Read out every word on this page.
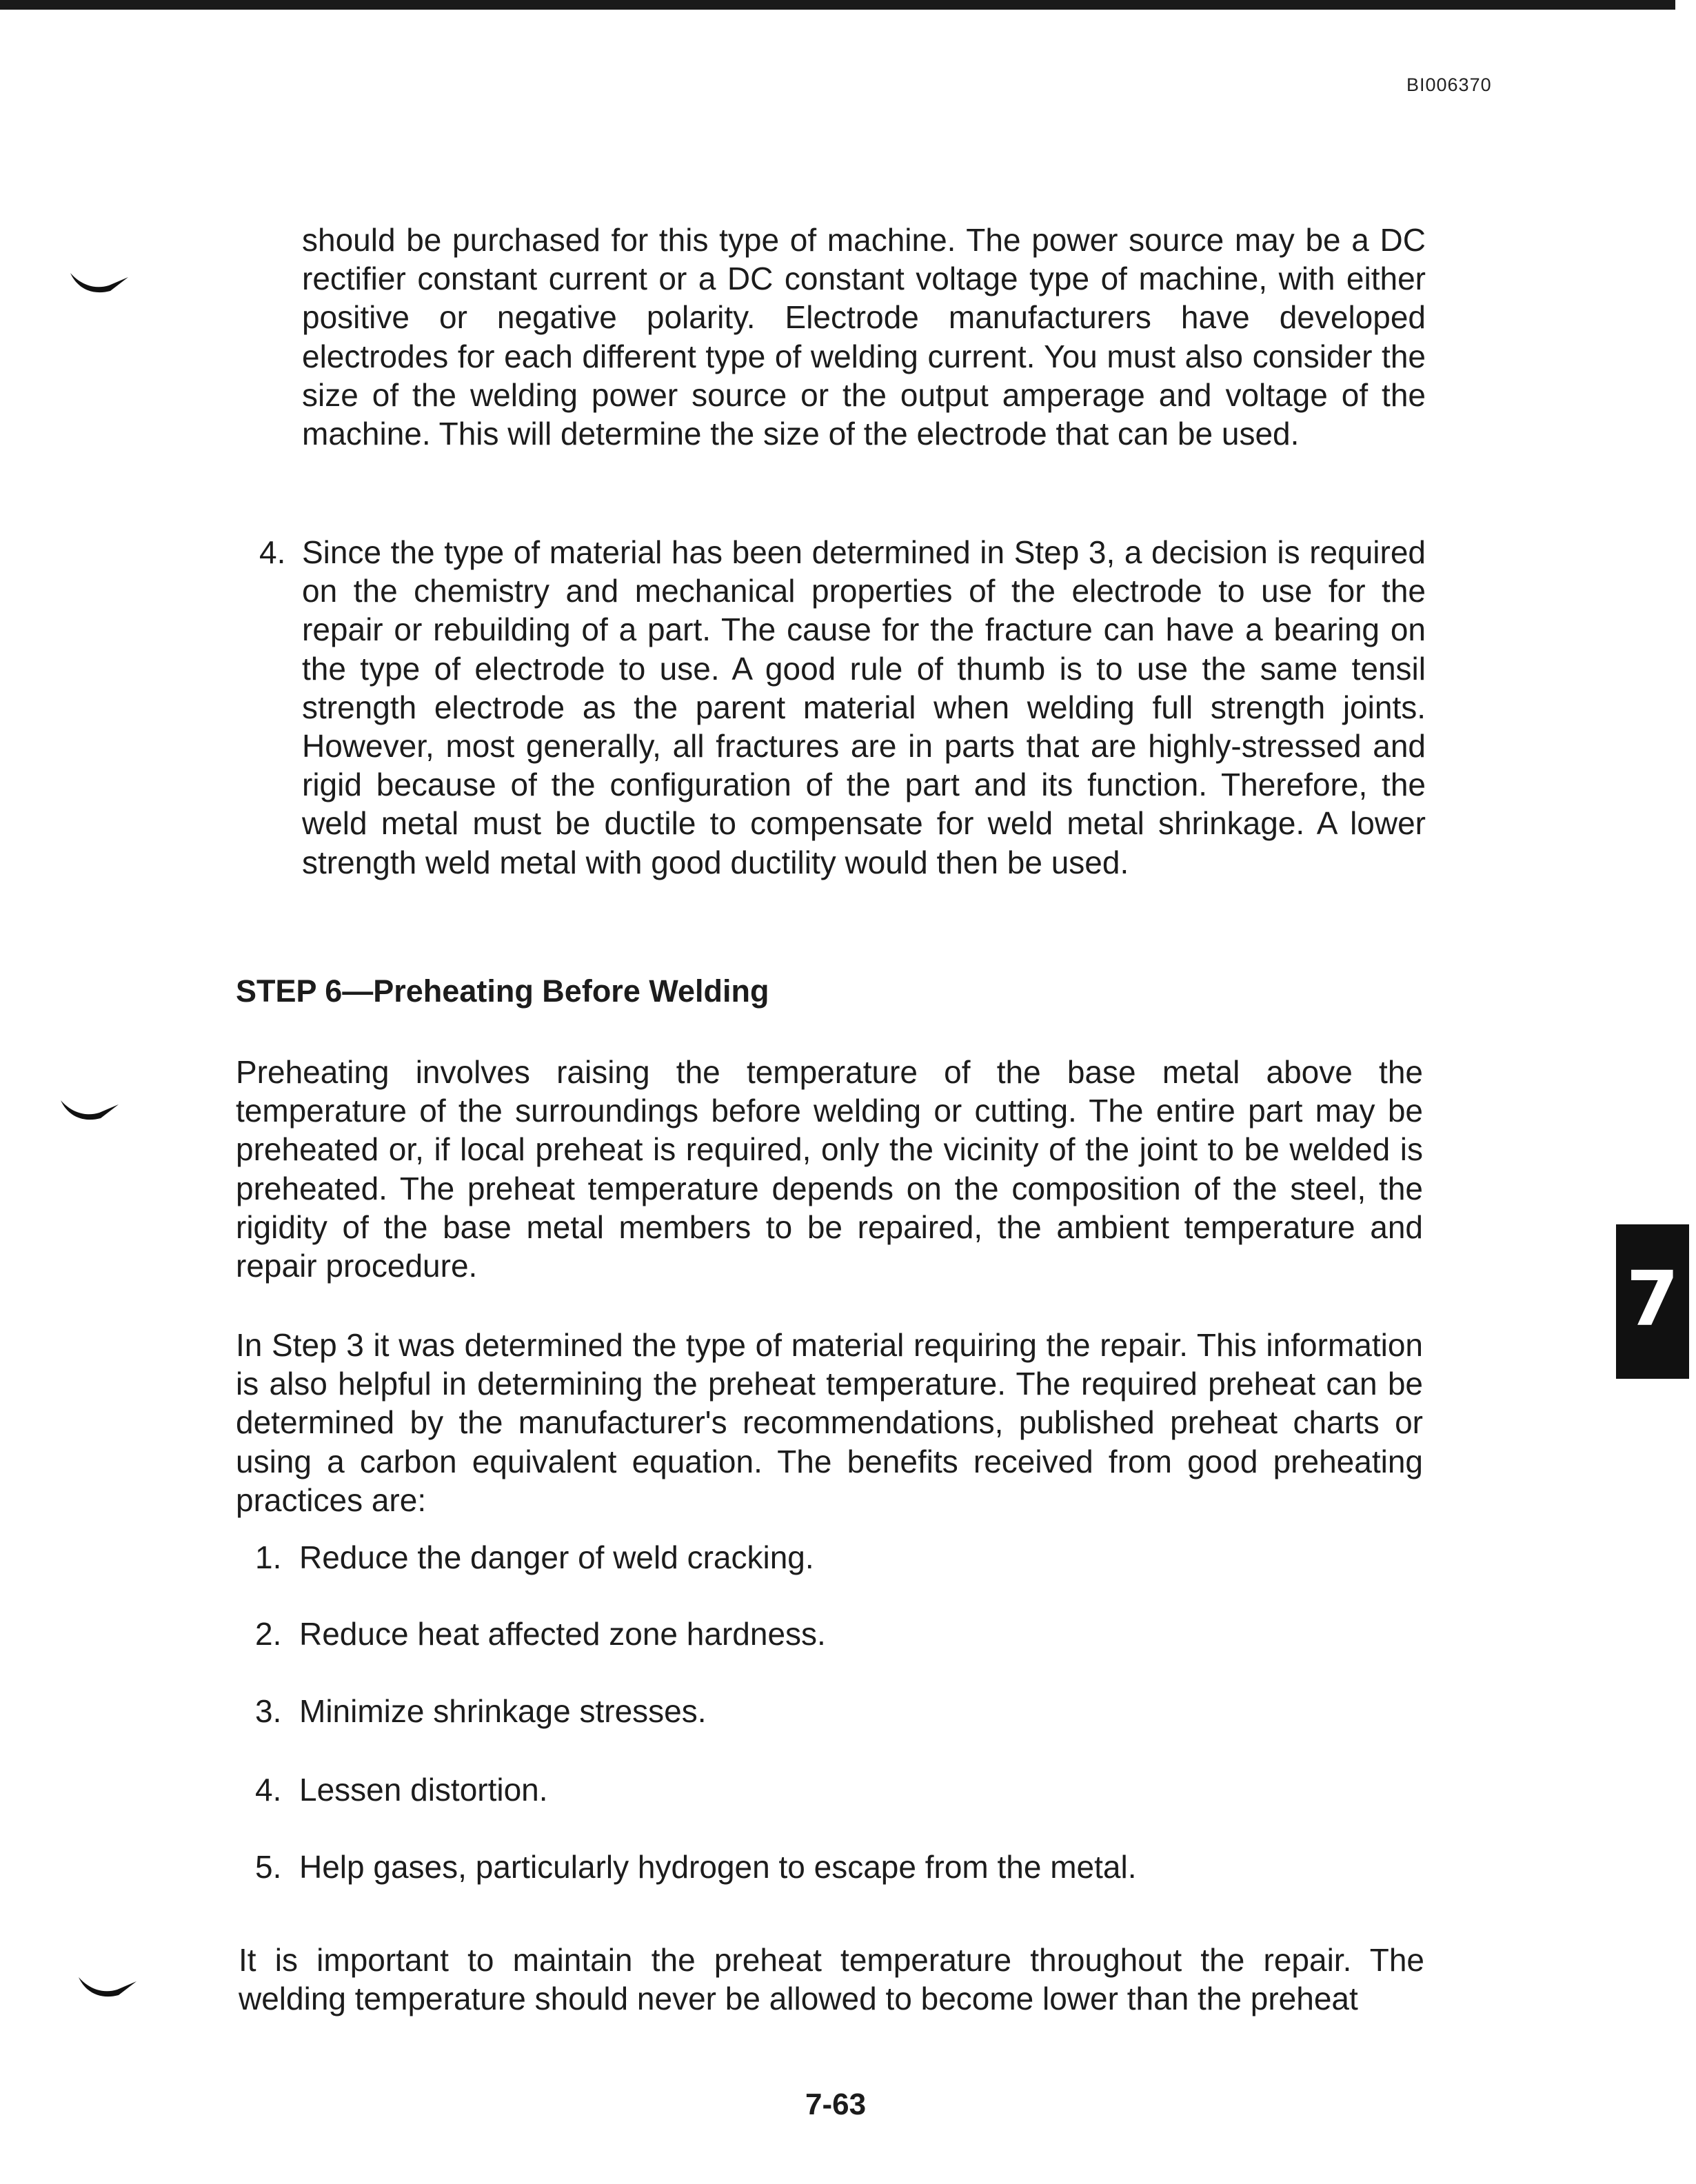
BI006370

should be purchased for this type of machine. The power source may be a DC rectifier constant current or a DC constant voltage type of machine, with either positive or negative polarity. Electrode manufacturers have developed electrodes for each different type of welding current. You must also consider the size of the welding power source or the output amperage and voltage of the machine. This will determine the size of the electrode that can be used.

4. Since the type of material has been determined in Step 3, a decision is required on the chemistry and mechanical properties of the electrode to use for the repair or rebuilding of a part. The cause for the fracture can have a bearing on the type of electrode to use. A good rule of thumb is to use the same tensil strength electrode as the parent material when welding full strength joints. However, most generally, all fractures are in parts that are highly-stressed and rigid because of the configuration of the part and its function. Therefore, the weld metal must be ductile to compensate for weld metal shrinkage. A lower strength weld metal with good ductility would then be used.

STEP 6—Preheating Before Welding

Preheating involves raising the temperature of the base metal above the temperature of the surroundings before welding or cutting. The entire part may be preheated or, if local preheat is required, only the vicinity of the joint to be welded is preheated. The preheat temperature depends on the composition of the steel, the rigidity of the base metal members to be repaired, the ambient temperature and repair procedure.

In Step 3 it was determined the type of material requiring the repair. This information is also helpful in determining the preheat temperature. The required preheat can be determined by the manufacturer's recommendations, published preheat charts or using a carbon equivalent equation. The benefits received from good preheating practices are:

1. Reduce the danger of weld cracking.
2. Reduce heat affected zone hardness.
3. Minimize shrinkage stresses.
4. Lessen distortion.
5. Help gases, particularly hydrogen to escape from the metal.

It is important to maintain the preheat temperature throughout the repair. The welding temperature should never be allowed to become lower than the preheat

7-63
7
